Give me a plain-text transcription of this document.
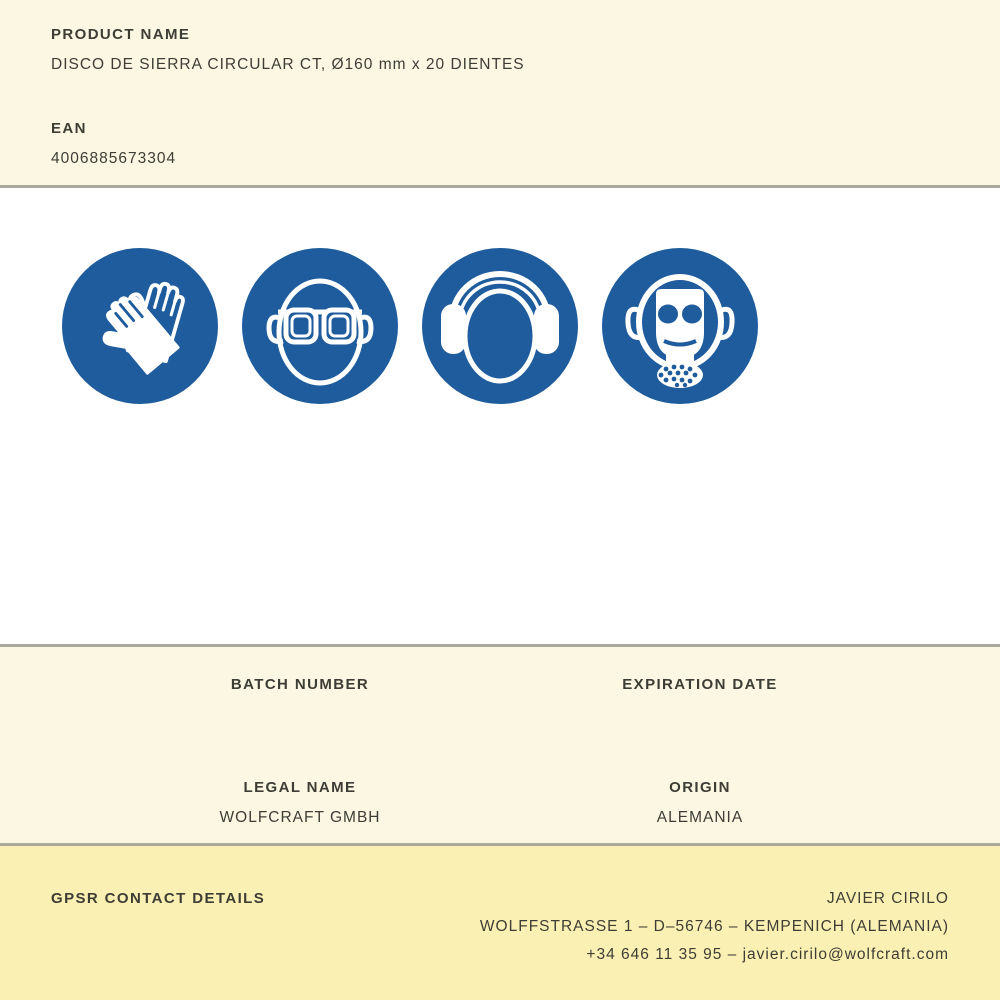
PRODUCT NAME
DISCO DE SIERRA CIRCULAR CT, Ø160 mm x 20 DIENTES
EAN
4006885673304
BATCH NUMBER	EXPIRATION DATE
LEGAL NAME
WOLFCRAFT GMBH
ORIGIN
ALEMANIA
GPSR CONTACT DETAILS	JAVIER CIRILO
WOLFFSTRASSE 1 – D–56746 – KEMPENICH (ALEMANIA)
+34 646 11 35 95 – javier.cirilo@wolfcraft.com
